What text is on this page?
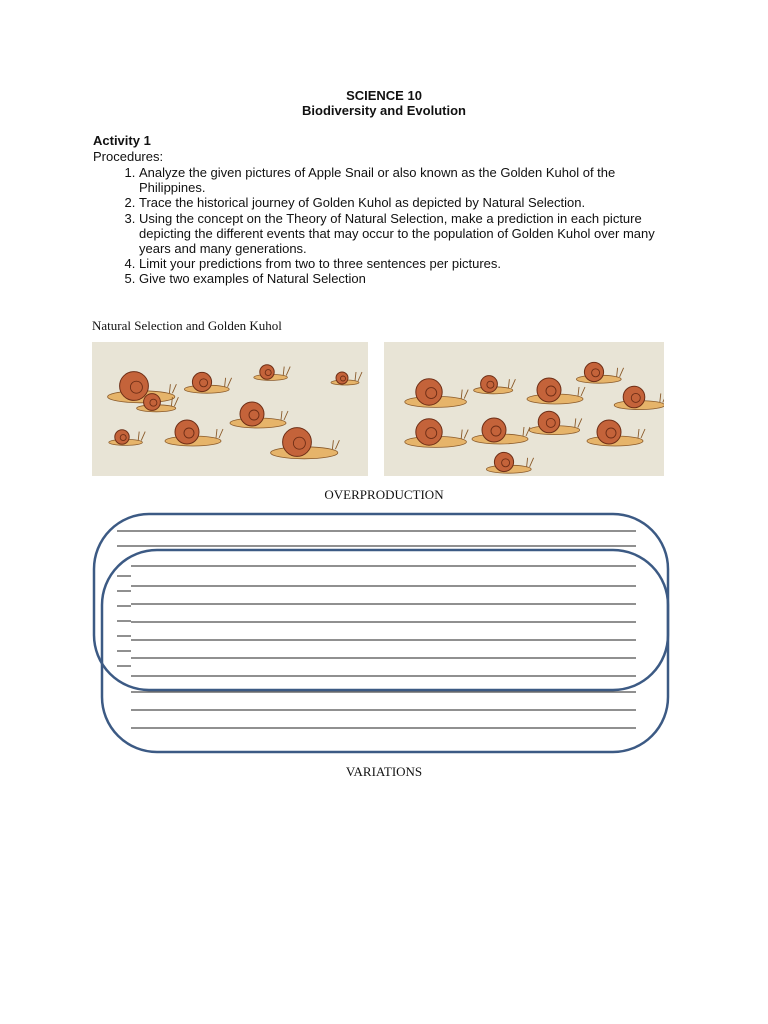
SCIENCE 10
Biodiversity and Evolution
Activity 1
Procedures:
1. Analyze the given pictures of Apple Snail or also known as the Golden Kuhol of the Philippines.
2. Trace the historical journey of Golden Kuhol as depicted by Natural Selection.
3. Using the concept on the Theory of Natural Selection, make a prediction in each picture depicting the different events that may occur to the population of Golden Kuhol over many years and many generations.
4. Limit your predictions from two to three sentences per pictures.
5. Give two examples of Natural Selection
Natural Selection and Golden Kuhol
OVERPRODUCTION
VARIATIONS
